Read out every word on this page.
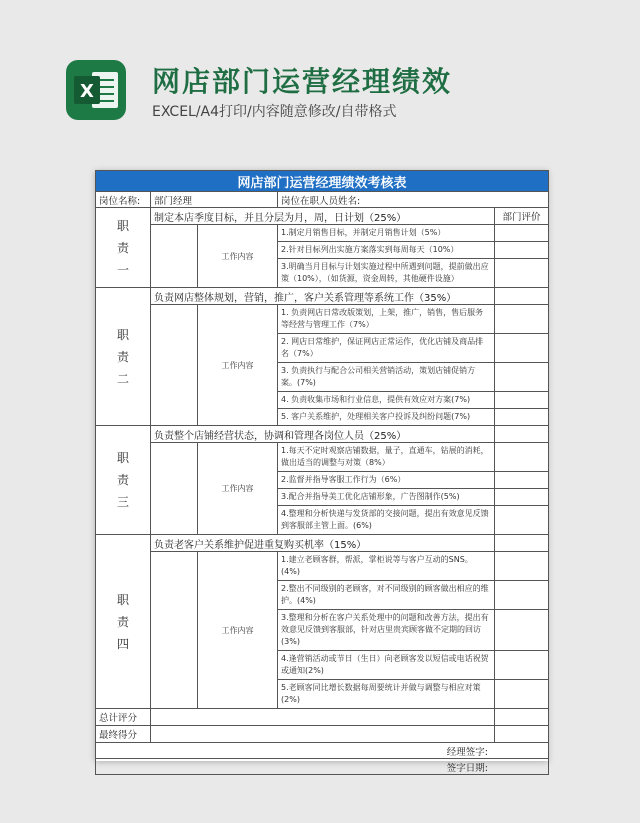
X 网店部门运营经理绩效
EXCEL/A4打印/内容随意修改/自带格式
网店部门运营经理绩效考核表				
岗位名称:	部门经理		岗位在职人员姓名:	
职
责
一	制定本店季度目标，并且分层为月，周，日计划（25%）			部门评价
		工作内容	1.制定月销售目标，并制定月销售计划（5%）	
			2.针对目标列出实施方案落实到每周每天（10%）	
			3.明确当月目标与计划实施过程中所遇到问题，提前做出应策（10%），（如货源，资金周转，其他硬件设施）	
职
责
二	负责网店整体规划，营销，推广，客户关系管理等系统工作（35%）			
		工作内容	1. 负责网店日常改版策划，上架，推广，销售，售后服务等经营与管理工作（7%）	
			2. 网店日常维护，保证网店正常运作，优化店铺及商品排名（7%）	
			3. 负责执行与配合公司相关营销活动，策划店铺促销方案。(7%)	
			4. 负责收集市场和行业信息，提供有效应对方案(7%)	
			5. 客户关系维护，处理相关客户投诉及纠纷问题(7%)	
职
责
三	负责整个店铺经营状态，协调和管理各岗位人员（25%）			
		工作内容	1.每天不定时观察店铺数据，量子，直通车，钻展的消耗，做出适当的调整与对策（8%）	
			2.监督并指导客服工作行为（6%）	
			3.配合并指导美工优化店铺形象，广告图制作(5%)	
			4.整理和分析快递与发货部的交接问题，提出有效意见反馈到客服部主管上面。(6%)	
职
责
四	负责老客户关系维护促进重复购买机率（15%）			
		工作内容	1.建立老顾客群，帮派，掌柜说等与客户互动的SNS。(4%)	
			2.整出不同级别的老顾客，对不同级别的顾客做出相应的维护。(4%)	
			3.整理和分析在客户关系处理中的问题和改善方法，提出有效意见反馈到客服部，针对店里贵宾顾客做不定期的回访(3%)	
			4.逢营销活动或节日（生日）向老顾客发以短信或电话祝贺或通知(2%)	
			5.老顾客同比增长数据每周要统计并做与调整与相应对策(2%)	
总计评分				
最终得分				
经理签字:				
签字日期:				
